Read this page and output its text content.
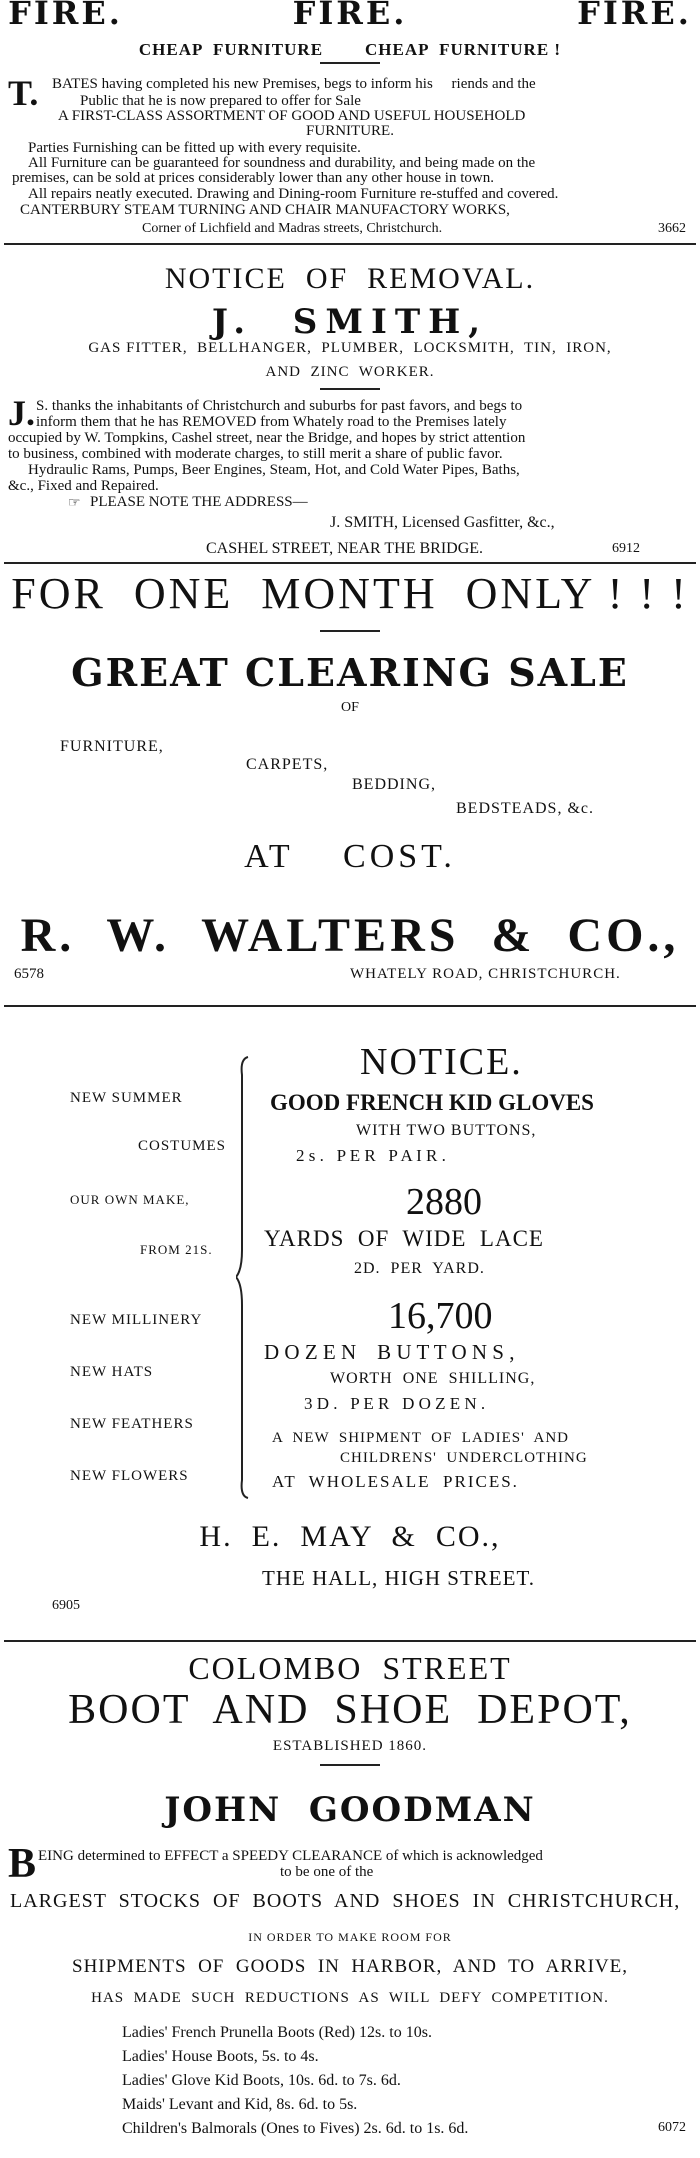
FIRE.            FIRE.            FIRE.
CHEAP  FURNITURE        CHEAP  FURNITURE !
T. BATES having completed his new Premises, begs to inform his     riends and the
Public that he is now prepared to offer for Sale
A FIRST-CLASS ASSORTMENT OF GOOD AND USEFUL HOUSEHOLD
FURNITURE.
Parties Furnishing can be fitted up with every requisite.
All Furniture can be guaranteed for soundness and durability, and being made on the
premises, can be sold at prices considerably lower than any other house in town.
All repairs neatly executed. Drawing and Dining-room Furniture re-stuffed and covered.
CANTERBURY STEAM TURNING AND CHAIR MANUFACTORY WORKS,
Corner of Lichfield and Madras streets, Christchurch.	3662
NOTICE  OF  REMOVAL.
J.  SMITH,
GAS FITTER,  BELLHANGER,  PLUMBER,  LOCKSMITH,  TIN,  IRON,
AND  ZINC  WORKER.
J. S. thanks the inhabitants of Christchurch and suburbs for past favors, and begs to
inform them that he has REMOVED from Whately road to the Premises lately
occupied by W. Tompkins, Cashel street, near the Bridge, and hopes by strict attention
to business, combined with moderate charges, to still merit a share of public favor.
Hydraulic Rams, Pumps, Beer Engines, Steam, Hot, and Cold Water Pipes, Baths,
&c., Fixed and Repaired.
☞ PLEASE NOTE THE ADDRESS—
J. SMITH, Licensed Gasfitter, &c.,
CASHEL STREET, NEAR THE BRIDGE.	6912
FOR  ONE  MONTH  ONLY ! ! !
GREAT CLEARING SALE
OF
FURNITURE,
CARPETS,
BEDDING,
BEDSTEADS, &c.
AT    COST.
R.  W.  WALTERS  &  CO.,
6578	WHATELY ROAD, CHRISTCHURCH.
NEW SUMMER
COSTUMES
OUR OWN MAKE,
FROM 21S.
NEW MILLINERY
NEW HATS
NEW FEATHERS
NEW FLOWERS
NOTICE.
GOOD FRENCH KID GLOVES
WITH TWO BUTTONS,
2 s .   P E R   P A I R .
2880
YARDS  OF  WIDE  LACE
2D.  PER  YARD.
16,700
D O Z E N    B U T T O N S ,
WORTH  ONE  SHILLING,
3 D .   P E R   D O Z E N .
A  NEW  SHIPMENT  OF  LADIES'  AND
CHILDRENS'  UNDERCLOTHING
AT  WHOLESALE  PRICES.
H.  E.  MAY  &  CO.,
THE HALL, HIGH STREET.
6905
COLOMBO  STREET
BOOT  AND  SHOE  DEPOT,
ESTABLISHED 1860.
JOHN  GOODMAN
B EING determined to EFFECT a SPEEDY CLEARANCE of which is acknowledged
to be one of the
LARGEST  STOCKS  OF  BOOTS  AND  SHOES  IN  CHRISTCHURCH,
IN ORDER TO MAKE ROOM FOR
SHIPMENTS  OF  GOODS  IN  HARBOR,  AND  TO  ARRIVE,
HAS  MADE  SUCH  REDUCTIONS  AS  WILL  DEFY  COMPETITION.
Ladies' French Prunella Boots (Red) 12s. to 10s.
Ladies' House Boots, 5s. to 4s.
Ladies' Glove Kid Boots, 10s. 6d. to 7s. 6d.
Maids' Levant and Kid, 8s. 6d. to 5s.
Children's Balmorals (Ones to Fives) 2s. 6d. to 1s. 6d.	6072
